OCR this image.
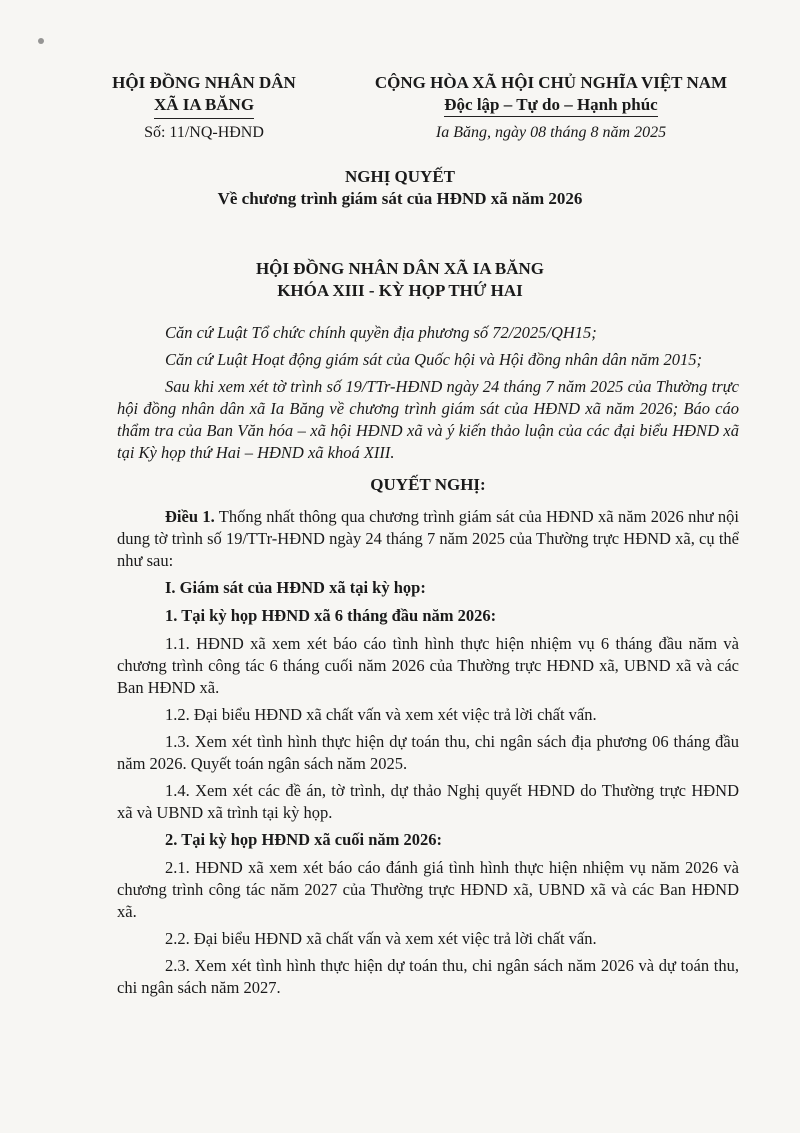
HỘI ĐỒNG NHÂN DÂN
XÃ IA BĂNG
CỘNG HÒA XÃ HỘI CHỦ NGHĨA VIỆT NAM
Độc lập – Tự do – Hạnh phúc
Số: 11/NQ-HĐND	Ia Băng, ngày 08 tháng 8 năm 2025
NGHỊ QUYẾT
Về chương trình giám sát của HĐND xã năm 2026
HỘI ĐỒNG NHÂN DÂN XÃ IA BĂNG
KHÓA XIII - KỲ HỌP THỨ HAI

Căn cứ Luật Tổ chức chính quyền địa phương số 72/2025/QH15;

Căn cứ Luật Hoạt động giám sát của Quốc hội và Hội đồng nhân dân năm 2015;

Sau khi xem xét tờ trình số 19/TTr-HĐND ngày 24 tháng 7 năm 2025 của Thường trực hội đồng nhân dân xã Ia Băng về chương trình giám sát của HĐND xã năm 2026; Báo cáo thẩm tra của Ban Văn hóa – xã hội HĐND xã và ý kiến thảo luận của các đại biểu HĐND xã tại Kỳ họp thứ Hai – HĐND xã khoá XIII.

QUYẾT NGHỊ:

Điều 1. Thống nhất thông qua chương trình giám sát của HĐND xã năm 2026 như nội dung tờ trình số 19/TTr-HĐND ngày 24 tháng 7 năm 2025 của Thường trực HĐND xã, cụ thể như sau:

I. Giám sát của HĐND xã tại kỳ họp:

1. Tại kỳ họp HĐND xã 6 tháng đầu năm 2026:

1.1. HĐND xã xem xét báo cáo tình hình thực hiện nhiệm vụ 6 tháng đầu năm và chương trình công tác 6 tháng cuối năm 2026 của Thường trực HĐND xã, UBND xã và các Ban HĐND xã.

1.2. Đại biểu HĐND xã chất vấn và xem xét việc trả lời chất vấn.

1.3. Xem xét tình hình thực hiện dự toán thu, chi ngân sách địa phương 06 tháng đầu năm 2026. Quyết toán ngân sách năm 2025.

1.4. Xem xét các đề án, tờ trình, dự thảo Nghị quyết HĐND do Thường trực HĐND xã và UBND xã trình tại kỳ họp.

2. Tại kỳ họp HĐND xã cuối năm 2026:

2.1. HĐND xã xem xét báo cáo đánh giá tình hình thực hiện nhiệm vụ năm 2026 và chương trình công tác năm 2027 của Thường trực HĐND xã, UBND xã và các Ban HĐND xã.

2.2. Đại biểu HĐND xã chất vấn và xem xét việc trả lời chất vấn.

2.3. Xem xét tình hình thực hiện dự toán thu, chi ngân sách năm 2026 và dự toán thu, chi ngân sách năm 2027.
